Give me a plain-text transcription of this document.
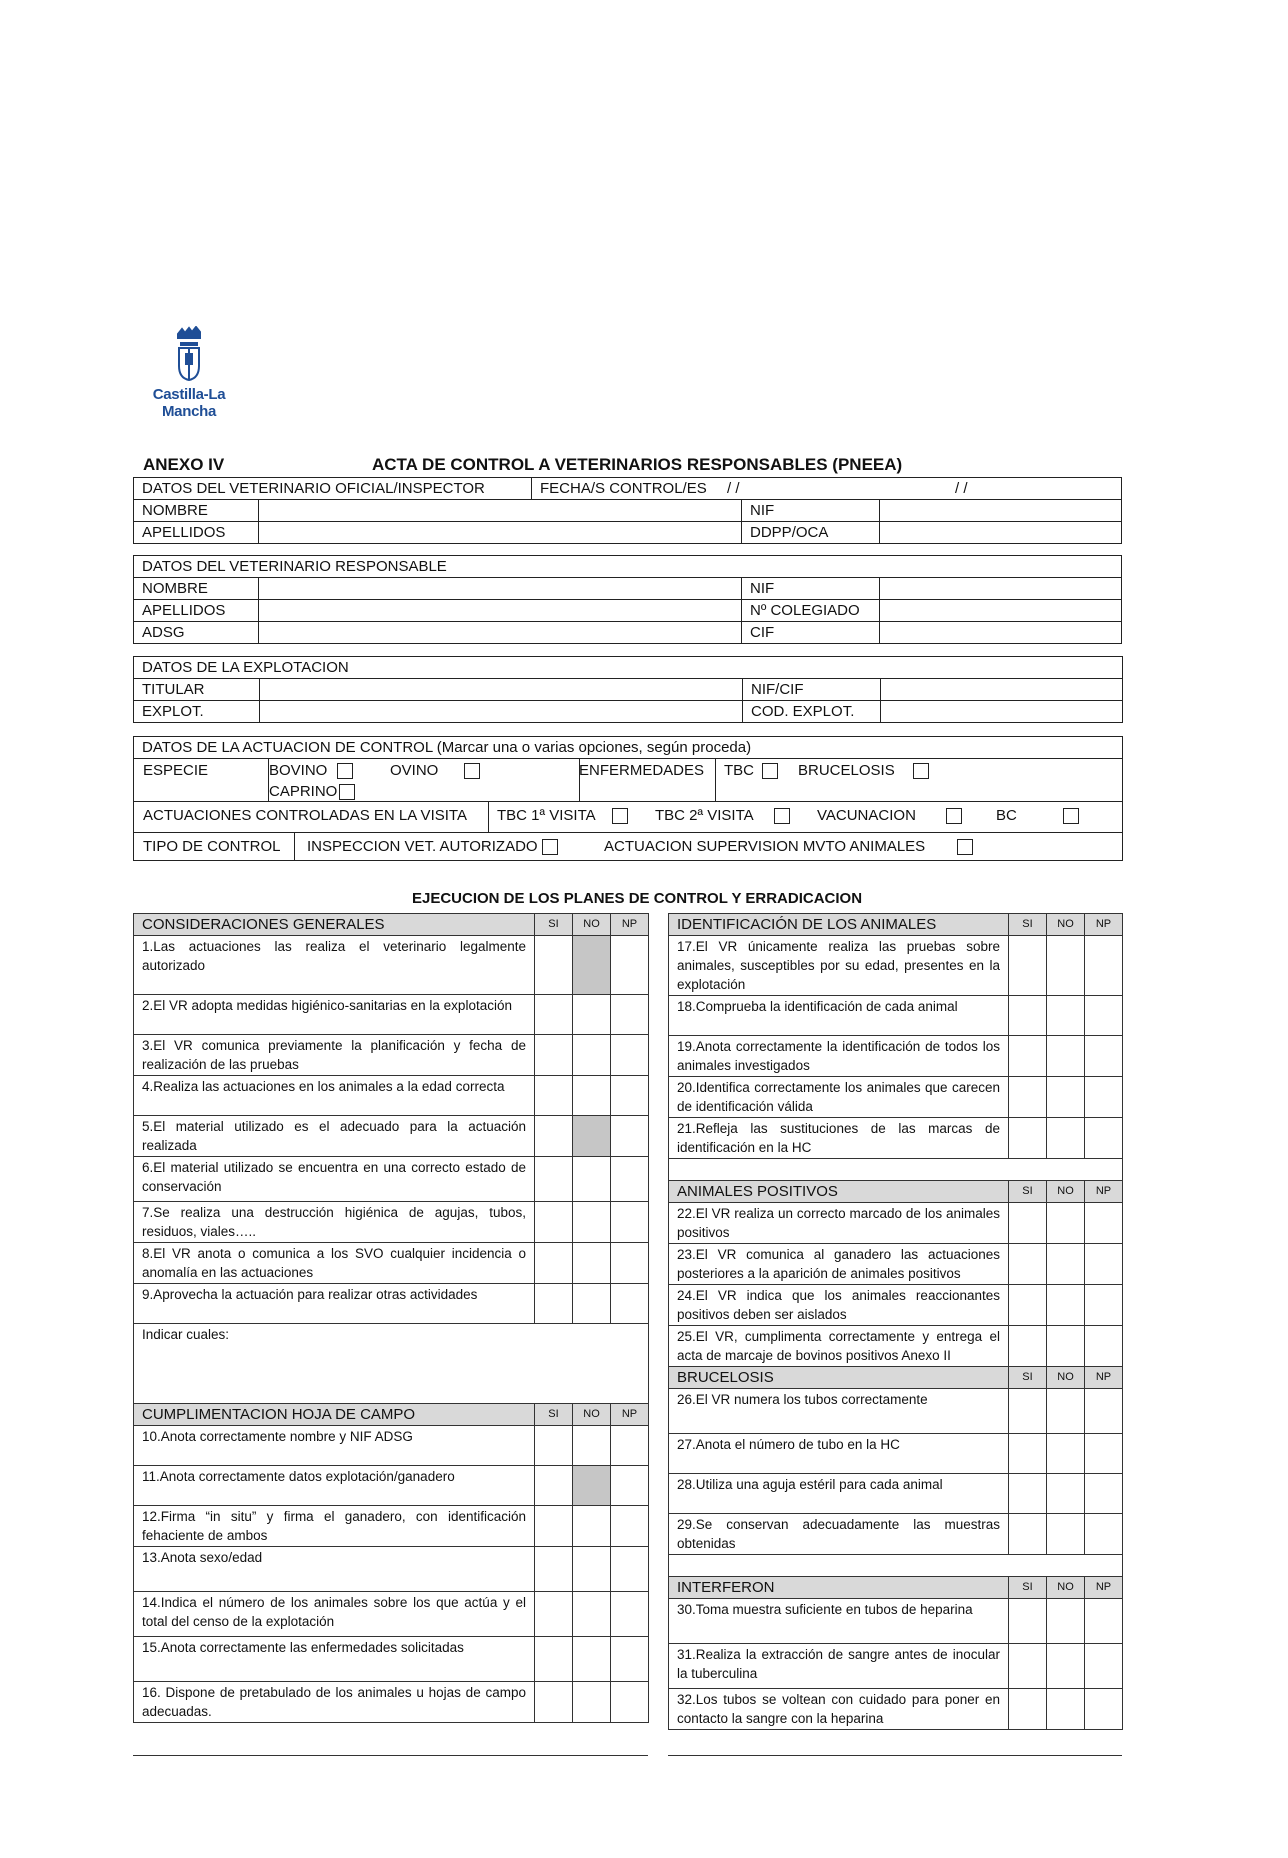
Castilla-La Mancha
ANEXO IV	ACTA DE CONTROL A VETERINARIOS RESPONSABLES (PNEEA)
DATOS DEL VETERINARIO OFICIAL/INSPECTOR		FECHA/S CONTROL/ES / / / /		
NOMBRE			NIF	
APELLIDOS			DDPP/OCA	
DATOS DEL VETERINARIO RESPONSABLE			
NOMBRE		NIF	
APELLIDOS		Nº COLEGIADO	
ADSG		CIF	
DATOS DE LA EXPLOTACION			
TITULAR		NIF/CIF	
EXPLOT.		COD. EXPLOT.	
DATOS DE LA ACTUACION DE CONTROL (Marcar una o varias opciones, según proceda)

ESPECIE	BOVINO	OVINO
CAPRINO
ENFERMEDADES TBC	BRUCELOSIS

ACTUACIONES CONTROLADAS EN LA VISITA TBC 1ª VISITA	TBC 2ª VISITA	VACUNACION	BC

TIPO DE CONTROL INSPECCION VET. AUTORIZADO	ACTUACION SUPERVISION MVTO ANIMALES
EJECUCION DE LOS PLANES DE CONTROL Y ERRADICACION
CONSIDERACIONES GENERALES	SI	NO	NP
1.Las actuaciones las realiza el veterinario legalmente autorizado			
2.El VR adopta medidas higiénico-sanitarias en la explotación			
3.El VR comunica previamente la planificación y fecha de realización de las pruebas			
4.Realiza las actuaciones en los animales a la edad correcta			
5.El material utilizado es el adecuado para la actuación realizada			
6.El material utilizado se encuentra en una correcto estado de conservación			
7.Se realiza una destrucción higiénica de agujas, tubos, residuos, viales…..			
8.El VR anota o comunica a los SVO cualquier incidencia o anomalía en las actuaciones			
9.Aprovecha la actuación para realizar otras actividades			
Indicar cuales:			
CUMPLIMENTACION HOJA DE CAMPO	SI	NO	NP
10.Anota correctamente nombre y NIF ADSG			
11.Anota correctamente datos explotación/ganadero			
12.Firma “in situ” y firma el ganadero, con identificación fehaciente de ambos			
13.Anota sexo/edad			
14.Indica el número de los animales sobre los que actúa y el total del censo de la explotación			
15.Anota correctamente las enfermedades solicitadas			
16. Dispone de pretabulado de los animales u hojas de campo adecuadas.			
IDENTIFICACIÓN DE LOS ANIMALES	SI	NO	NP
17.El VR únicamente realiza las pruebas sobre animales, susceptibles por su edad, presentes en la explotación			
18.Comprueba la identificación de cada animal			
19.Anota correctamente la identificación de todos los animales investigados			
20.Identifica correctamente los animales que carecen de identificación válida			
21.Refleja las sustituciones de las marcas de identificación en la HC			

ANIMALES POSITIVOS	SI	NO	NP
22.El VR realiza un correcto marcado de los animales positivos			
23.El VR comunica al ganadero las actuaciones posteriores a la aparición de animales positivos			
24.El VR indica que los animales reaccionantes positivos deben ser aislados			
25.El VR, cumplimenta correctamente y entrega el acta de marcaje de bovinos positivos Anexo II			
BRUCELOSIS	SI	NO	NP
26.El VR numera los tubos correctamente			
27.Anota el número de tubo en la HC			
28.Utiliza una aguja estéril para cada animal			
29.Se conservan adecuadamente las muestras obtenidas			

INTERFERON	SI	NO	NP
30.Toma muestra suficiente en tubos de heparina			
31.Realiza la extracción de sangre antes de inocular la tuberculina			
32.Los tubos se voltean con cuidado para poner en contacto la sangre con la heparina			
